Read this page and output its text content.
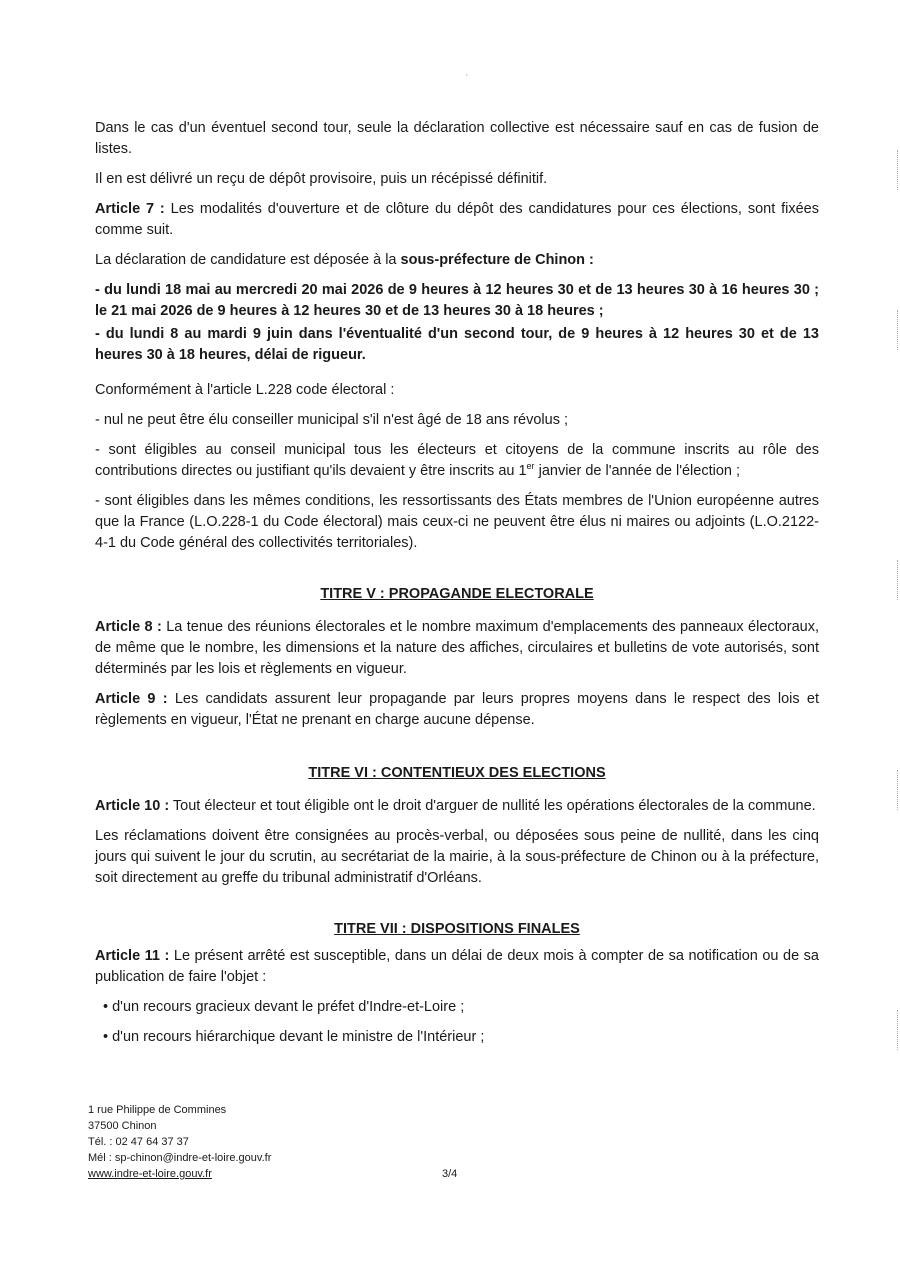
'

Dans le cas d'un éventuel second tour, seule la déclaration collective est nécessaire sauf en cas de fusion de listes.

Il en est délivré un reçu de dépôt provisoire, puis un récépissé définitif.

Article 7 : Les modalités d'ouverture et de clôture du dépôt des candidatures pour ces élections, sont fixées comme suit.

La déclaration de candidature est déposée à la sous-préfecture de Chinon :

- du lundi 18 mai au mercredi 20 mai 2026 de 9 heures à 12 heures 30 et de 13 heures 30 à 16 heures 30 ; le 21 mai 2026 de 9 heures à 12 heures 30 et de 13 heures 30 à 18 heures ;

- du lundi 8 au mardi 9 juin dans l'éventualité d'un second tour, de 9 heures à 12 heures 30 et de 13 heures 30 à 18 heures, délai de rigueur.

Conformément à l'article L.228 code électoral :

- nul ne peut être élu conseiller municipal s'il n'est âgé de 18 ans révolus ;

- sont éligibles au conseil municipal tous les électeurs et citoyens de la commune inscrits au rôle des contributions directes ou justifiant qu'ils devaient y être inscrits au 1er janvier de l'année de l'élection ;

- sont éligibles dans les mêmes conditions, les ressortissants des États membres de l'Union européenne autres que la France (L.O.228-1 du Code électoral) mais ceux-ci ne peuvent être élus ni maires ou adjoints (L.O.2122-4-1 du Code général des collectivités territoriales).

TITRE V : PROPAGANDE ELECTORALE

Article 8 : La tenue des réunions électorales et le nombre maximum d'emplacements des panneaux électoraux, de même que le nombre, les dimensions et la nature des affiches, circulaires et bulletins de vote autorisés, sont déterminés par les lois et règlements en vigueur.

Article 9 : Les candidats assurent leur propagande par leurs propres moyens dans le respect des lois et règlements en vigueur, l'État ne prenant en charge aucune dépense.

TITRE VI : CONTENTIEUX DES ELECTIONS

Article 10 : Tout électeur et tout éligible ont le droit d'arguer de nullité les opérations électorales de la commune.

Les réclamations doivent être consignées au procès-verbal, ou déposées sous peine de nullité, dans les cinq jours qui suivent le jour du scrutin, au secrétariat de la mairie, à la sous-préfecture de Chinon ou à la préfecture, soit directement au greffe du tribunal administratif d'Orléans.

TITRE VII : DISPOSITIONS FINALES

Article 11 : Le présent arrêté est susceptible, dans un délai de deux mois à compter de sa notification ou de sa publication de faire l'objet :

• d'un recours gracieux devant le préfet d'Indre-et-Loire ;

• d'un recours hiérarchique devant le ministre de l'Intérieur ;

1 rue Philippe de Commines
37500 Chinon
Tél. : 02 47 64 37 37
Mél : sp-chinon@indre-et-loire.gouv.fr
www.indre-et-loire.gouv.fr	3/4
